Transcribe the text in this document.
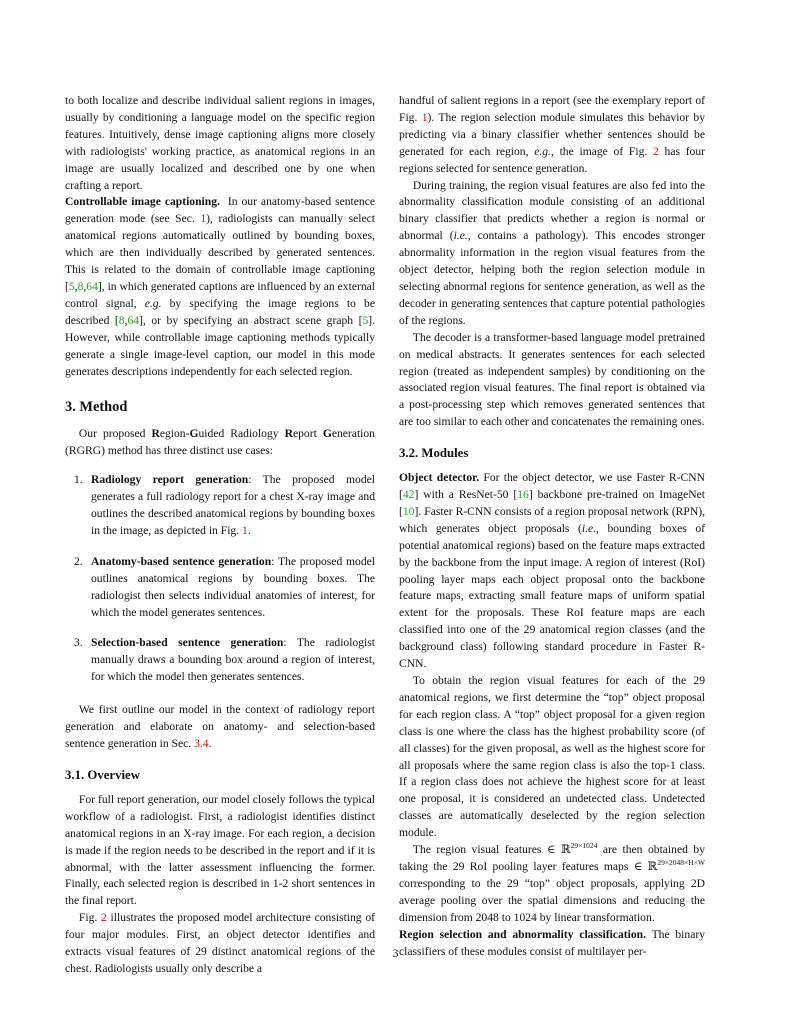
to both localize and describe individual salient regions in images, usually by conditioning a language model on the specific region features. Intuitively, dense image captioning aligns more closely with radiologists' working practice, as anatomical regions in an image are usually localized and described one by one when crafting a report.

Controllable image captioning. In our anatomy-based sentence generation mode (see Sec. 1), radiologists can manually select anatomical regions automatically outlined by bounding boxes, which are then individually described by generated sentences. This is related to the domain of controllable image captioning [5,8,64], in which generated captions are influenced by an external control signal, e.g. by specifying the image regions to be described [8,64], or by specifying an abstract scene graph [5]. However, while controllable image captioning methods typically generate a single image-level caption, our model in this mode generates descriptions independently for each selected region.

3. Method

Our proposed Region-Guided Radiology Report Generation (RGRG) method has three distinct use cases:

1. Radiology report generation: The proposed model generates a full radiology report for a chest X-ray image and outlines the described anatomical regions by bounding boxes in the image, as depicted in Fig. 1.
2. Anatomy-based sentence generation: The proposed model outlines anatomical regions by bounding boxes. The radiologist then selects individual anatomies of interest, for which the model generates sentences.
3. Selection-based sentence generation: The radiologist manually draws a bounding box around a region of interest, for which the model then generates sentences.

We first outline our model in the context of radiology report generation and elaborate on anatomy- and selection-based sentence generation in Sec. 3.4.

3.1. Overview

For full report generation, our model closely follows the typical workflow of a radiologist. First, a radiologist identifies distinct anatomical regions in an X-ray image. For each region, a decision is made if the region needs to be described in the report and if it is abnormal, with the latter assessment influencing the former. Finally, each selected region is described in 1-2 short sentences in the final report.

Fig. 2 illustrates the proposed model architecture consisting of four major modules. First, an object detector identifies and extracts visual features of 29 distinct anatomical regions of the chest. Radiologists usually only describe a

handful of salient regions in a report (see the exemplary report of Fig. 1). The region selection module simulates this behavior by predicting via a binary classifier whether sentences should be generated for each region, e.g., the image of Fig. 2 has four regions selected for sentence generation.

During training, the region visual features are also fed into the abnormality classification module consisting of an additional binary classifier that predicts whether a region is normal or abnormal (i.e., contains a pathology). This encodes stronger abnormality information in the region visual features from the object detector, helping both the region selection module in selecting abnormal regions for sentence generation, as well as the decoder in generating sentences that capture potential pathologies of the regions.

The decoder is a transformer-based language model pretrained on medical abstracts. It generates sentences for each selected region (treated as independent samples) by conditioning on the associated region visual features. The final report is obtained via a post-processing step which removes generated sentences that are too similar to each other and concatenates the remaining ones.

3.2. Modules

Object detector. For the object detector, we use Faster R-CNN [42] with a ResNet-50 [16] backbone pre-trained on ImageNet [10]. Faster R-CNN consists of a region proposal network (RPN), which generates object proposals (i.e., bounding boxes of potential anatomical regions) based on the feature maps extracted by the backbone from the input image. A region of interest (RoI) pooling layer maps each object proposal onto the backbone feature maps, extracting small feature maps of uniform spatial extent for the proposals. These RoI feature maps are each classified into one of the 29 anatomical region classes (and the background class) following standard procedure in Faster R-CNN.

To obtain the region visual features for each of the 29 anatomical regions, we first determine the “top” object proposal for each region class. A “top” object proposal for a given region class is one where the class has the highest probability score (of all classes) for the given proposal, as well as the highest score for all proposals where the same region class is also the top-1 class. If a region class does not achieve the highest score for at least one proposal, it is considered an undetected class. Undetected classes are automatically deselected by the region selection module.

The region visual features ∈ ℝ$^{29\times 1024}$ are then obtained by taking the 29 RoI pooling layer features maps ∈ ℝ$^{29\times 2048\times H\times W}$ corresponding to the 29 “top” object proposals, applying 2D average pooling over the spatial dimensions and reducing the dimension from 2048 to 1024 by linear transformation.

Region selection and abnormality classification. The binary classifiers of these modules consist of multilayer per-

3
